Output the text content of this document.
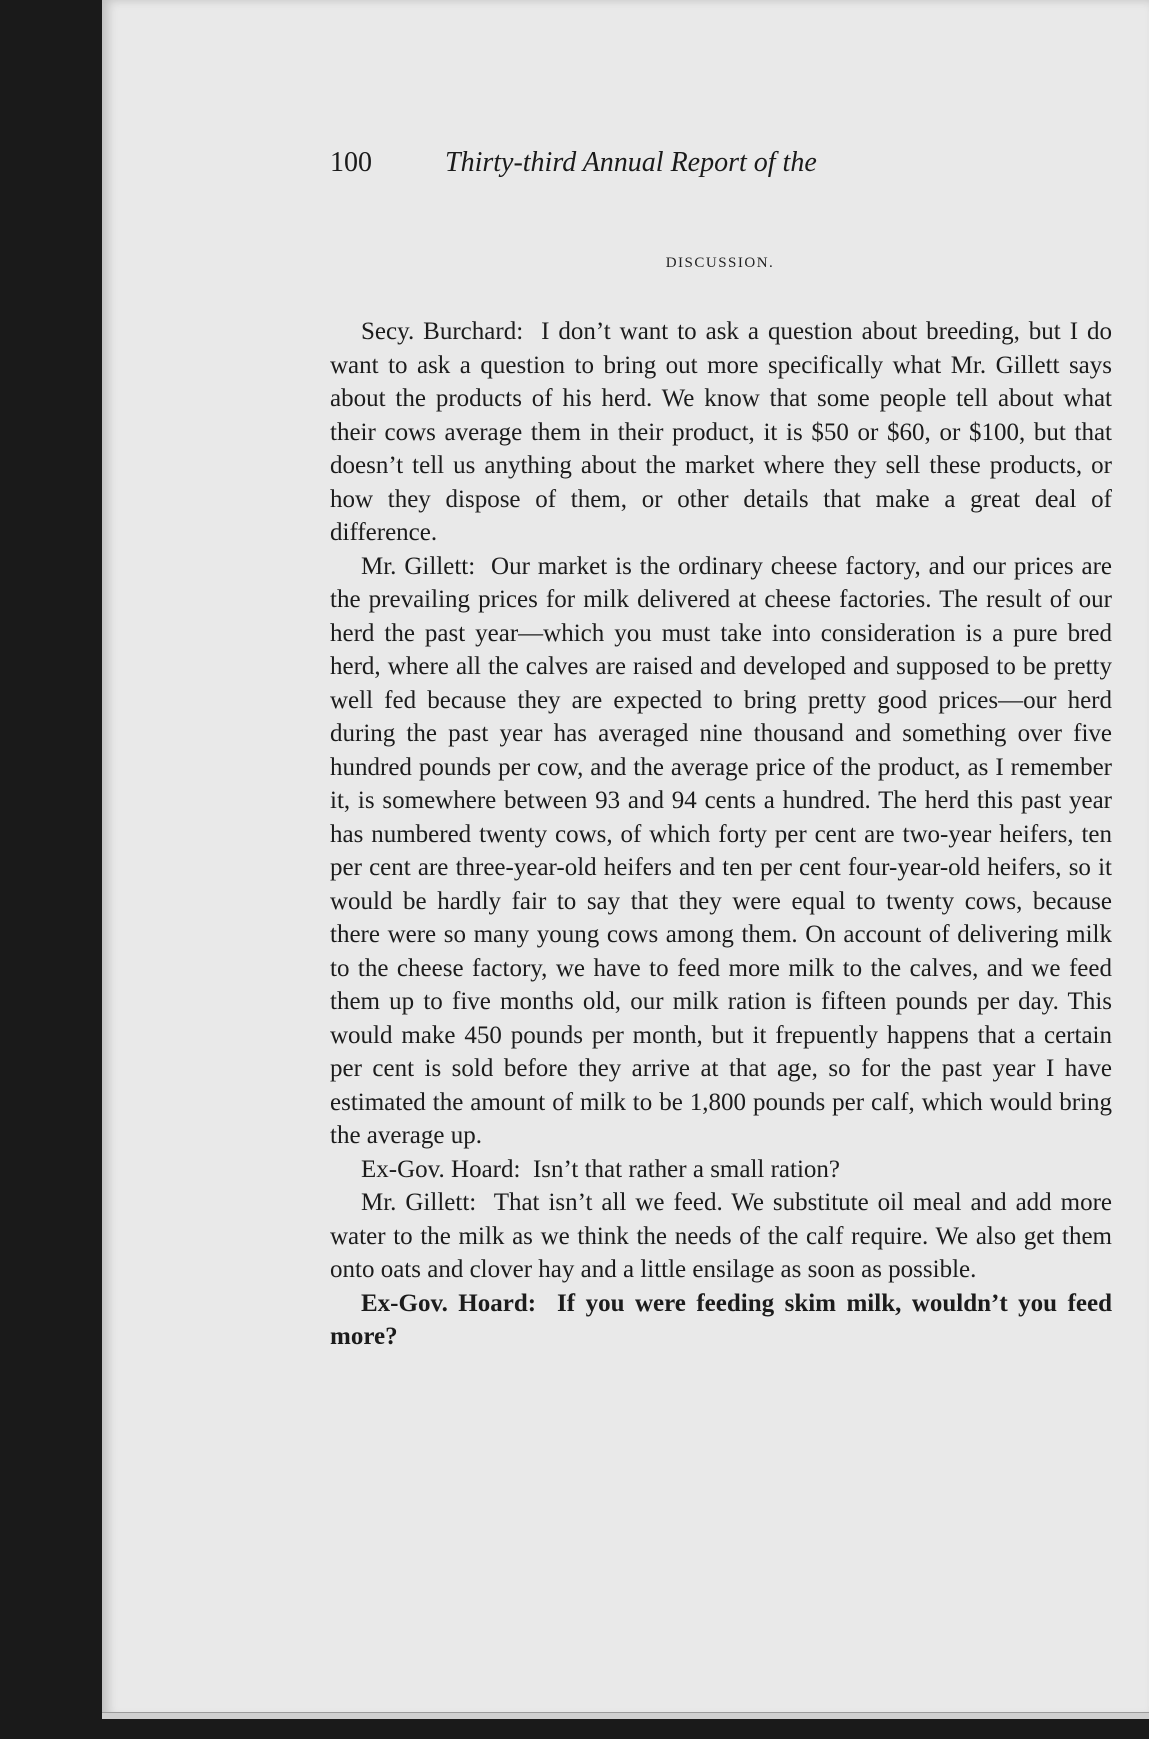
100	Thirty-third Annual Report of the
DISCUSSION.

Secy. Burchard: I don’t want to ask a question about breeding, but I do want to ask a question to bring out more specifically what Mr. Gillett says about the products of his herd. We know that some people tell about what their cows average them in their product, it is $50 or $60, or $100, but that doesn’t tell us anything about the market where they sell these products, or how they dispose of them, or other details that make a great deal of difference.

Mr. Gillett: Our market is the ordinary cheese factory, and our prices are the prevailing prices for milk delivered at cheese factories. The result of our herd the past year—which you must take into consideration is a pure bred herd, where all the calves are raised and developed and supposed to be pretty well fed because they are expected to bring pretty good prices—our herd during the past year has averaged nine thousand and something over five hundred pounds per cow, and the average price of the product, as I remember it, is somewhere between 93 and 94 cents a hundred. The herd this past year has numbered twenty cows, of which forty per cent are two-year heifers, ten per cent are three-year-old heifers and ten per cent four-year-old heifers, so it would be hardly fair to say that they were equal to twenty cows, because there were so many young cows among them. On account of delivering milk to the cheese factory, we have to feed more milk to the calves, and we feed them up to five months old, our milk ration is fifteen pounds per day. This would make 450 pounds per month, but it frepuently happens that a certain per cent is sold before they arrive at that age, so for the past year I have estimated the amount of milk to be 1,800 pounds per calf, which would bring the average up.

Ex-Gov. Hoard: Isn’t that rather a small ration?

Mr. Gillett: That isn’t all we feed. We substitute oil meal and add more water to the milk as we think the needs of the calf require. We also get them onto oats and clover hay and a little ensilage as soon as possible.

Ex-Gov. Hoard: If you were feeding skim milk, wouldn’t you feed more?
